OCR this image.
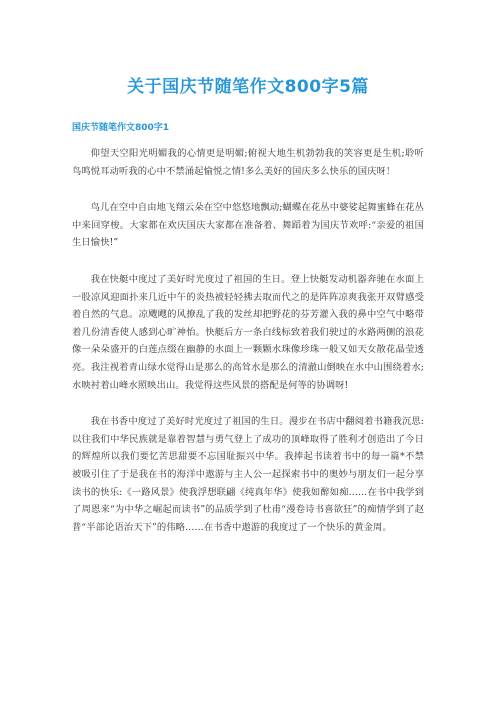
关于国庆节随笔作文800字5篇
国庆节随笔作文800字1

仰望天空阳光明媚我的心情更是明媚;俯视大地生机勃勃我的笑容更是生机;聆听鸟鸣悦耳动听我的心中不禁涌起愉悦之情!多么美好的国庆多么快乐的国庆呀！

鸟儿在空中自由地飞翔云朵在空中悠悠地飘动;蝴蝶在花丛中婆娑起舞蜜蜂在花丛中来回穿梭。大家都在欢庆国庆大家都在准备着、舞蹈着为国庆节欢呼:“亲爱的祖国生日愉快!”

我在快艇中度过了美好时光度过了祖国的生日。登上快艇发动机器奔驰在水面上一股凉风迎面扑来几近中午的炎热被轻轻拂去取而代之的是阵阵凉爽我张开双臂感受着自然的气息。凉飕飕的风撩乱了我的发丝却把野花的芬芳灌入我的鼻中空气中略带着几份清香使人感到心旷神怡。快艇后方一条白线标致着我们驶过的水路两侧的浪花像一朵朵盛开的白莲点缀在幽静的水面上一颗颗水珠像珍珠一般又如天女散花晶莹透亮。我注视着青山绿水觉得山是那么的高耸水是那么的清澈山倒映在水中山围绕着水;水映衬着山峰水照映出山。我觉得这些风景的搭配是何等的协调呀!

我在书香中度过了美好时光度过了祖国的生日。漫步在书店中翻阅着书籍我沉思:以往我们中华民族就是靠着智慧与勇气登上了成功的顶峰取得了胜利才创造出了今日的辉煌所以我们要忆苦思甜要不忘国耻振兴中华。我捧起书读着书中的每一篇*不禁被吸引住了于是我在书的海洋中遨游与主人公一起探索书中的奥妙与朋友们一起分享读书的快乐:《一路风景》使我浮想联翩《纯真年华》使我如醉如痴……在书中我学到了周恩来“为中华之崛起而读书”的品质学到了杜甫“漫卷诗书喜欲狂”的痴情学到了赵普“半部论语治天下”的伟略……在书香中遨游的我度过了一个快乐的黄金周。
